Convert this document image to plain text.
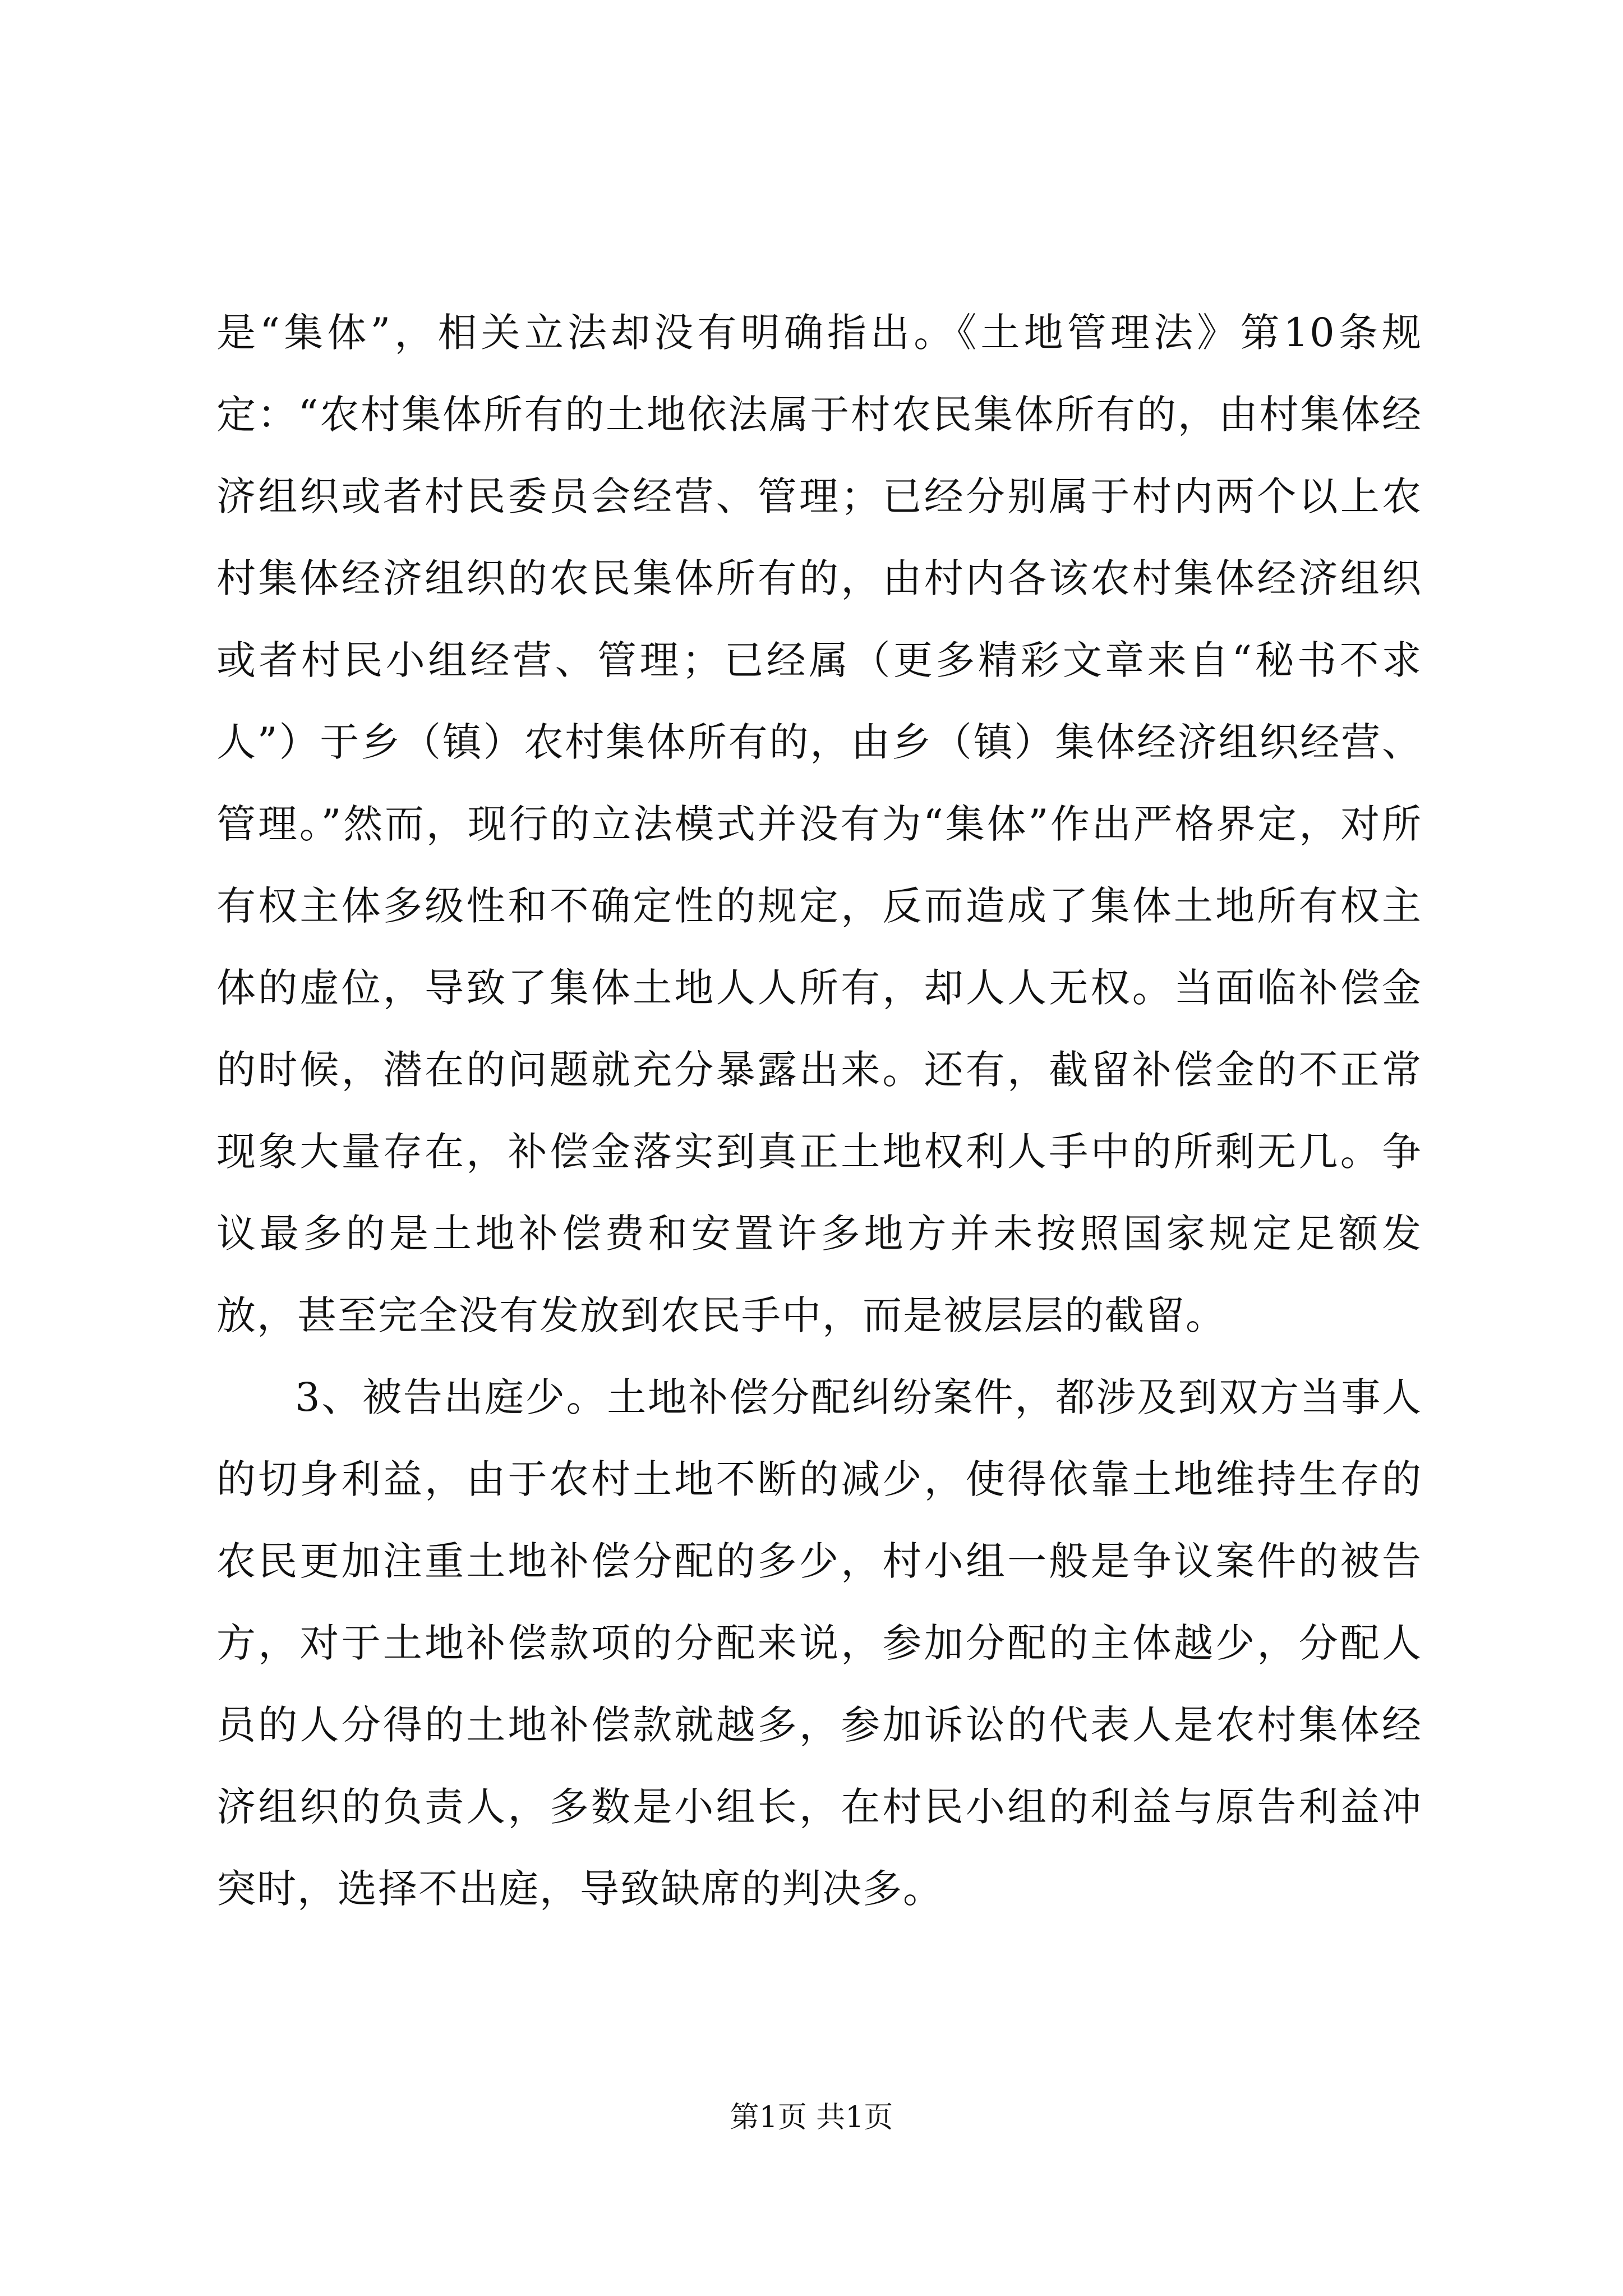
是“集体”，相关立法却没有明确指出。《土地管理法》第10条规定：“农村集体所有的土地依法属于村农民集体所有的，由村集体经济组织或者村民委员会经营、管理；已经分别属于村内两个以上农村集体经济组织的农民集体所有的，由村内各该农村集体经济组织或者村民小组经营、管理；已经属（更多精彩文章来自“秘书不求人”）于乡（镇）农村集体所有的，由乡（镇）集体经济组织经营、管理。”然而，现行的立法模式并没有为“集体”作出严格界定，对所有权主体多级性和不确定性的规定，反而造成了集体土地所有权主体的虚位，导致了集体土地人人所有，却人人无权。当面临补偿金的时候，潜在的问题就充分暴露出来。还有，截留补偿金的不正常现象大量存在，补偿金落实到真正土地权利人手中的所剩无几。争议最多的是土地补偿费和安置许多地方并未按照国家规定足额发放，甚至完全没有发放到农民手中，而是被层层的截留。

3、被告出庭少。土地补偿分配纠纷案件，都涉及到双方当事人的切身利益，由于农村土地不断的减少，使得依靠土地维持生存的农民更加注重土地补偿分配的多少，村小组一般是争议案件的被告方，对于土地补偿款项的分配来说，参加分配的主体越少，分配人员的人分得的土地补偿款就越多，参加诉讼的代表人是农村集体经济组织的负责人，多数是小组长，在村民小组的利益与原告利益冲突时，选择不出庭，导致缺席的判决多。

第1页 共1页
